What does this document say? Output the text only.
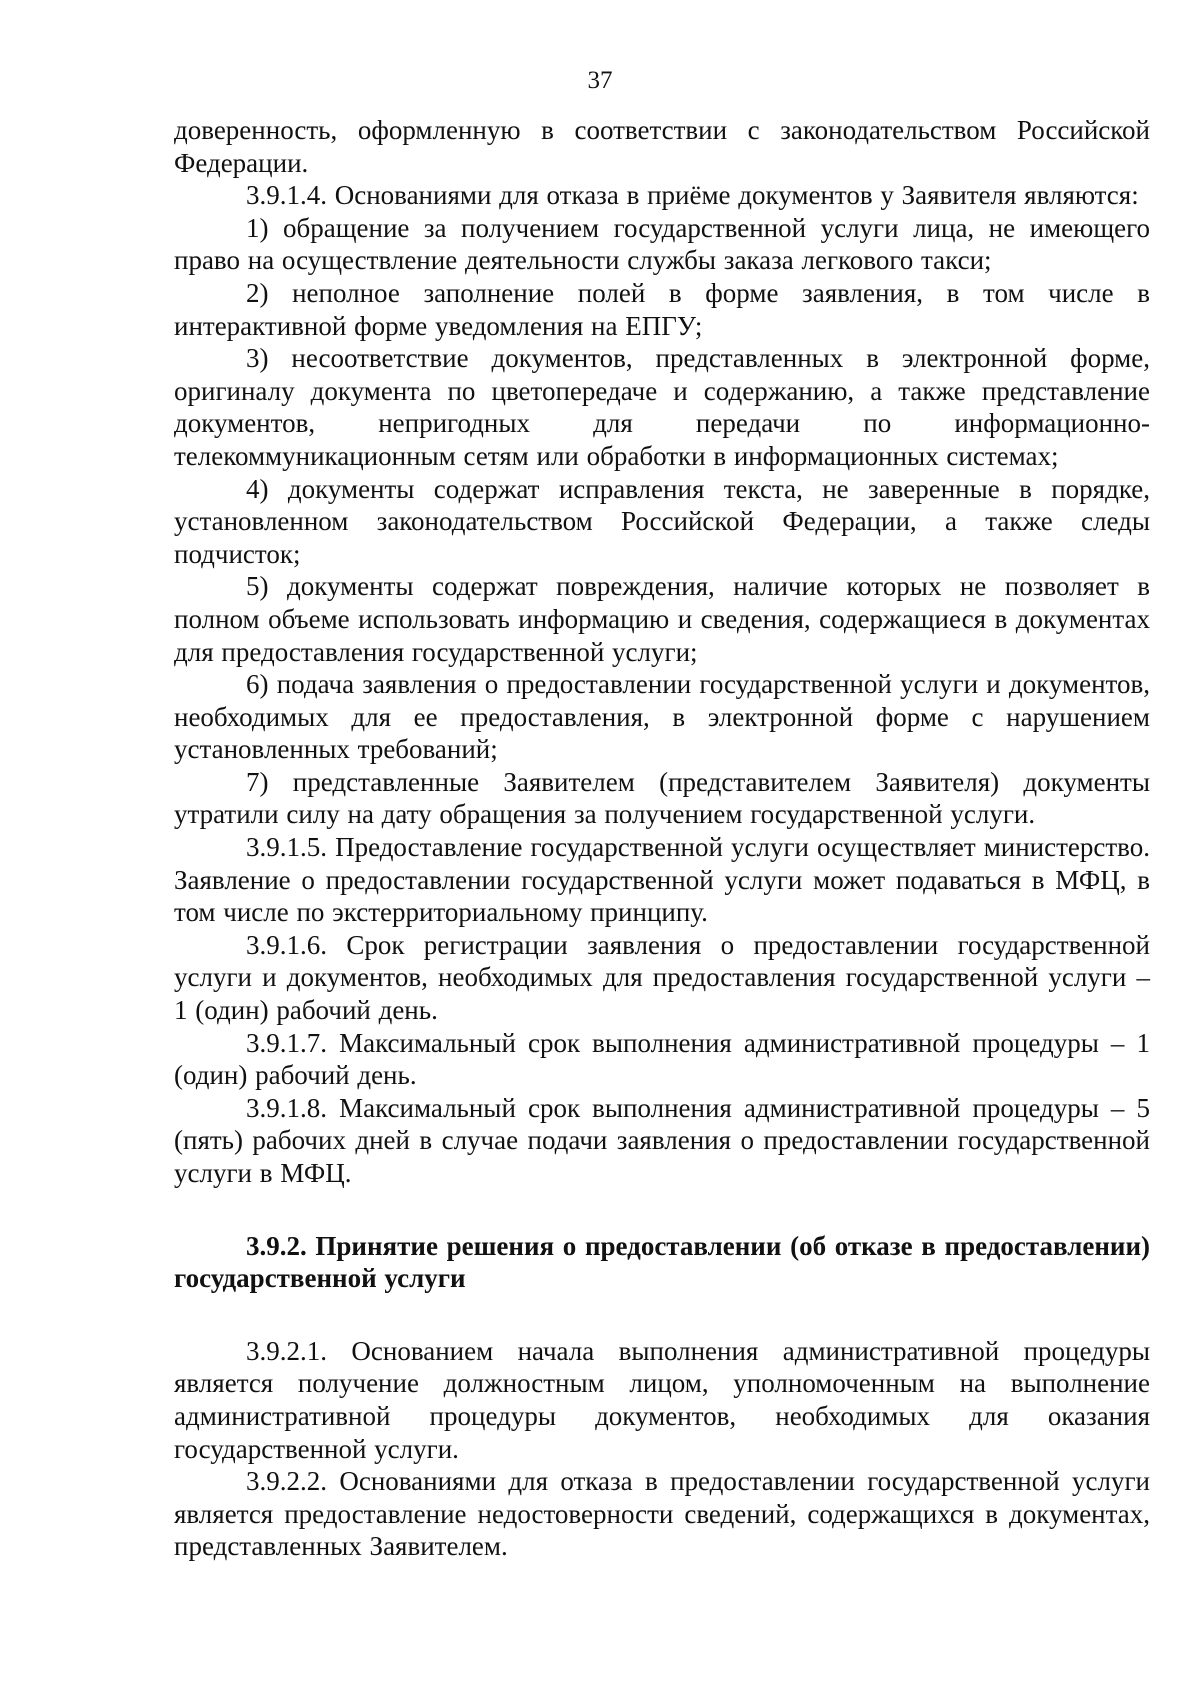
37

доверенность, оформленную в соответствии с законодательством Российской Федерации.

3.9.1.4. Основаниями для отказа в приёме документов у Заявителя являются:

1) обращение за получением государственной услуги лица, не имеющего право на осуществление деятельности службы заказа легкового такси;

2) неполное заполнение полей в форме заявления, в том числе в интерактивной форме уведомления на ЕПГУ;

3) несоответствие документов, представленных в электронной форме, оригиналу документа по цветопередаче и содержанию, а также представление документов, непригодных для передачи по информационно-телекоммуникационным сетям или обработки в информационных системах;

4) документы содержат исправления текста, не заверенные в порядке, установленном законодательством Российской Федерации, а также следы подчисток;

5) документы содержат повреждения, наличие которых не позволяет в полном объеме использовать информацию и сведения, содержащиеся в документах для предоставления государственной услуги;

6) подача заявления о предоставлении государственной услуги и документов, необходимых для ее предоставления, в электронной форме с нарушением установленных требований;

7) представленные Заявителем (представителем Заявителя) документы утратили силу на дату обращения за получением государственной услуги.

3.9.1.5. Предоставление государственной услуги осуществляет министерство. Заявление о предоставлении государственной услуги может подаваться в МФЦ, в том числе по экстерриториальному принципу.

3.9.1.6. Срок регистрации заявления о предоставлении государственной услуги и документов, необходимых для предоставления государственной услуги – 1 (один) рабочий день.

3.9.1.7. Максимальный срок выполнения административной процедуры – 1 (один) рабочий день.

3.9.1.8. Максимальный срок выполнения административной процедуры – 5 (пять) рабочих дней в случае подачи заявления о предоставлении государственной услуги в МФЦ.

3.9.2. Принятие решения о предоставлении (об отказе в предоставлении) государственной услуги

3.9.2.1. Основанием начала выполнения административной процедуры является получение должностным лицом, уполномоченным на выполнение административной процедуры документов, необходимых для оказания государственной услуги.

3.9.2.2. Основаниями для отказа в предоставлении государственной услуги является предоставление недостоверности сведений, содержащихся в документах, представленных Заявителем.
